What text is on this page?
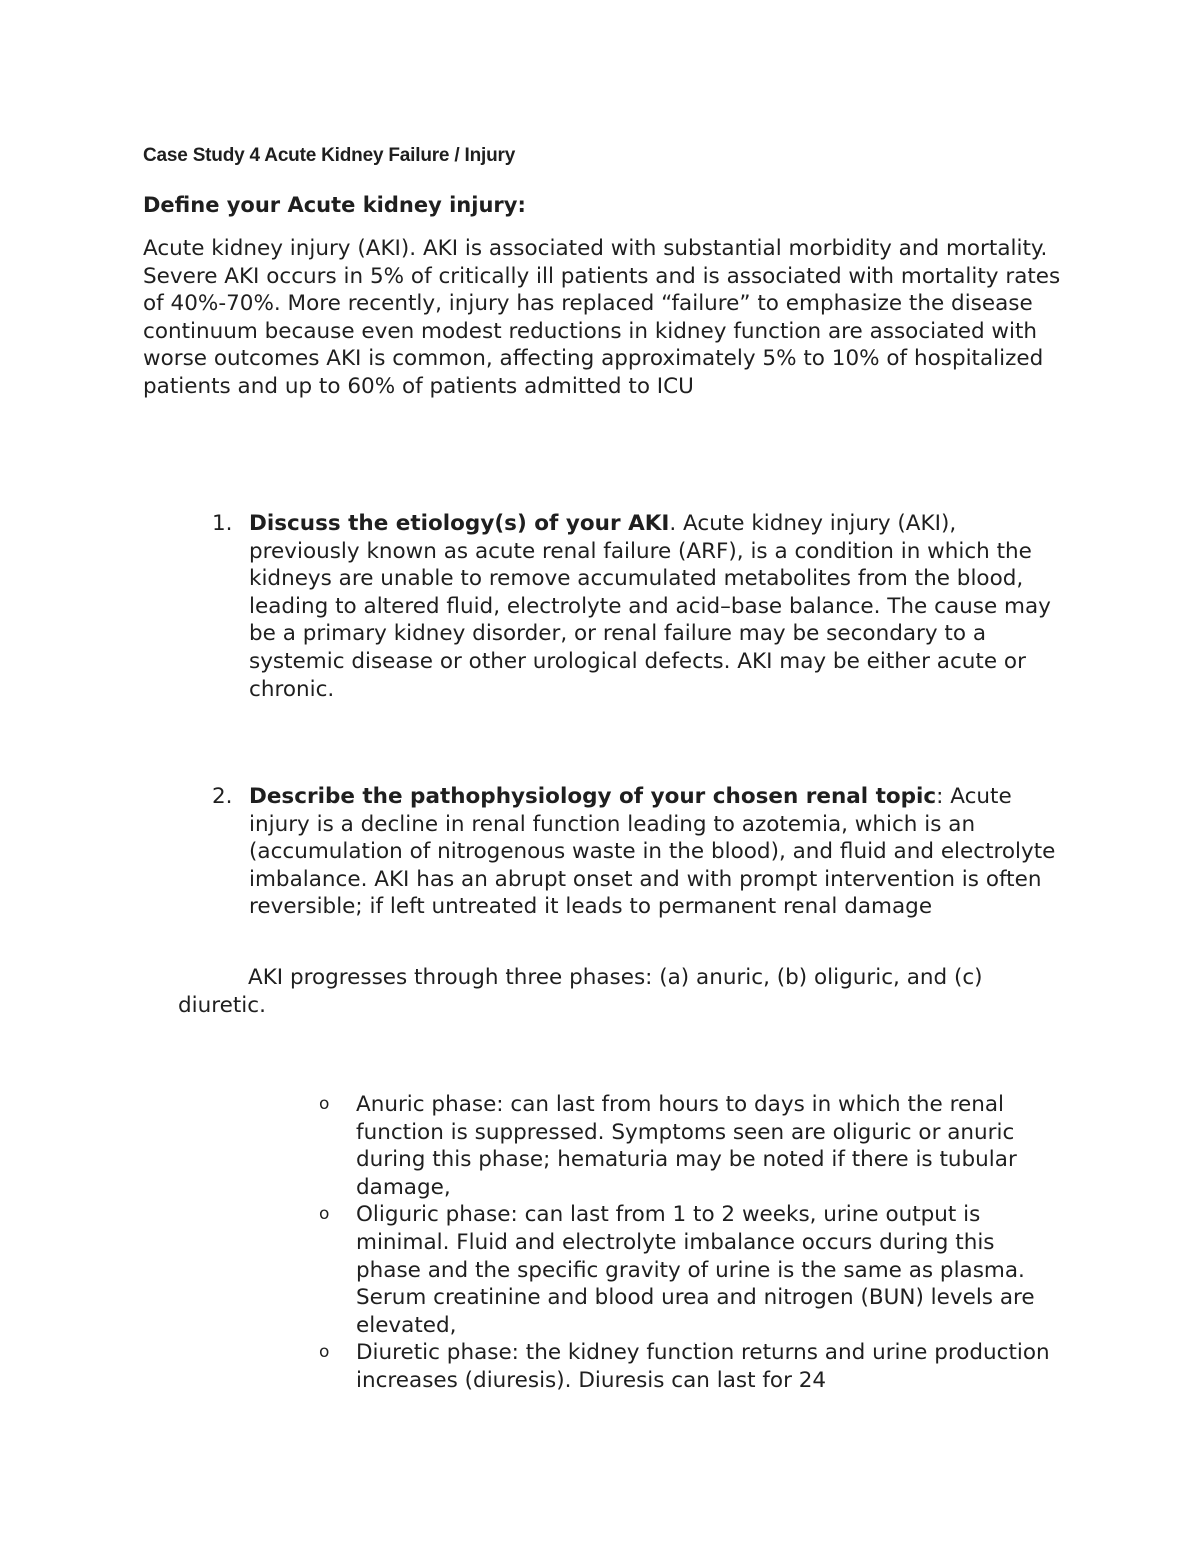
Case Study 4 Acute Kidney Failure / Injury
Define your Acute kidney injury:

Acute kidney injury (AKI). AKI is associated with substantial morbidity and mortality. Severe AKI occurs in 5% of critically ill patients and is associated with mortality rates of 40%-70%. More recently, injury has replaced “failure” to emphasize the disease continuum because even modest reductions in kidney function are associated with worse outcomes AKI is common, affecting approximately 5% to 10% of hospitalized patients and up to 60% of patients admitted to ICU

1. Discuss the etiology(s) of your AKI. Acute kidney injury (AKI), previously known as acute renal failure (ARF), is a condition in which the kidneys are unable to remove accumulated metabolites from the blood, leading to altered fluid, electrolyte and acid–base balance. The cause may be a primary kidney disorder, or renal failure may be secondary to a systemic disease or other urological defects. AKI may be either acute or chronic.

2. Describe the pathophysiology of your chosen renal topic: Acute injury is a decline in renal function leading to azotemia, which is an (accumulation of nitrogenous waste in the blood), and fluid and electrolyte imbalance. AKI has an abrupt onset and with prompt intervention is often reversible; if left untreated it leads to permanent renal damage

AKI progresses through three phases: (a) anuric, (b) oliguric, and (c) diuretic.

o Anuric phase: can last from hours to days in which the renal function is suppressed. Symptoms seen are oliguric or anuric during this phase; hematuria may be noted if there is tubular damage,

o Oliguric phase: can last from 1 to 2 weeks, urine output is minimal. Fluid and electrolyte imbalance occurs during this phase and the specific gravity of urine is the same as plasma. Serum creatinine and blood urea and nitrogen (BUN) levels are elevated,

o Diuretic phase: the kidney function returns and urine production increases (diuresis). Diuresis can last for 24
